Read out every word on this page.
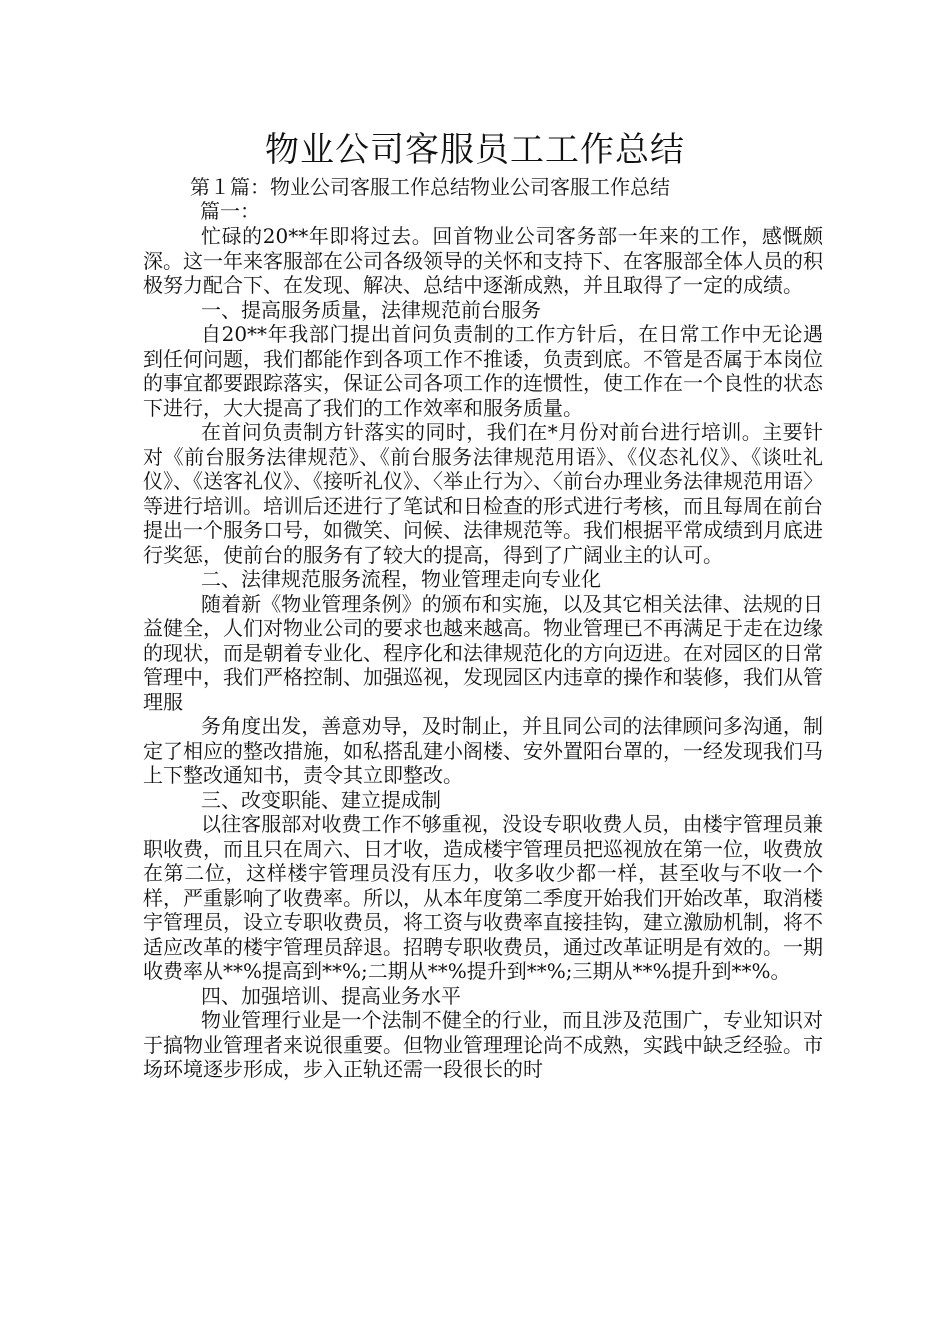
物业公司客服员工工作总结
第１篇：物业公司客服工作总结物业公司客服工作总结
篇一：

忙碌的20**年即将过去。回首物业公司客务部一年来的工作，感慨颇深。这一年来客服部在公司各级领导的关怀和支持下、在客服部全体人员的积极努力配合下、在发现、解决、总结中逐渐成熟，并且取得了一定的成绩。

一、提高服务质量，法律规范前台服务

自20**年我部门提出首问负责制的工作方针后，在日常工作中无论遇到任何问题，我们都能作到各项工作不推诿，负责到底。不管是否属于本岗位的事宜都要跟踪落实，保证公司各项工作的连惯性，使工作在一个良性的状态下进行，大大提高了我们的工作效率和服务质量。

在首问负责制方针落实的同时，我们在*月份对前台进行培训。主要针对《前台服务法律规范》、《前台服务法律规范用语》、《仪态礼仪》、《谈吐礼仪》、《送客礼仪》、《接听礼仪》、〈举止行为〉、〈前台办理业务法律规范用语〉等进行培训。培训后还进行了笔试和日检查的形式进行考核，而且每周在前台提出一个服务口号，如微笑、问候、法律规范等。我们根据平常成绩到月底进行奖惩，使前台的服务有了较大的提高，得到了广阔业主的认可。

二、法律规范服务流程，物业管理走向专业化

随着新《物业管理条例》的颁布和实施，以及其它相关法律、法规的日益健全，人们对物业公司的要求也越来越高。物业管理已不再满足于走在边缘的现状，而是朝着专业化、程序化和法律规范化的方向迈进。在对园区的日常管理中，我们严格控制、加强巡视，发现园区内违章的操作和装修，我们从管理服

务角度出发，善意劝导，及时制止，并且同公司的法律顾问多沟通，制定了相应的整改措施，如私搭乱建小阁楼、安外置阳台罩的，一经发现我们马上下整改通知书，责令其立即整改。

三、改变职能、建立提成制

以往客服部对收费工作不够重视，没设专职收费人员，由楼宇管理员兼职收费，而且只在周六、日才收，造成楼宇管理员把巡视放在第一位，收费放在第二位，这样楼宇管理员没有压力，收多收少都一样，甚至收与不收一个样，严重影响了收费率。所以，从本年度第二季度开始我们开始改革，取消楼宇管理员，设立专职收费员，将工资与收费率直接挂钩，建立激励机制，将不适应改革的楼宇管理员辞退。招聘专职收费员，通过改革证明是有效的。一期收费率从**%提高到**%;二期从**%提升到**%;三期从**%提升到**%。

四、加强培训、提高业务水平

物业管理行业是一个法制不健全的行业，而且涉及范围广，专业知识对于搞物业管理者来说很重要。但物业管理理论尚不成熟，实践中缺乏经验。市场环境逐步形成，步入正轨还需一段很长的时
